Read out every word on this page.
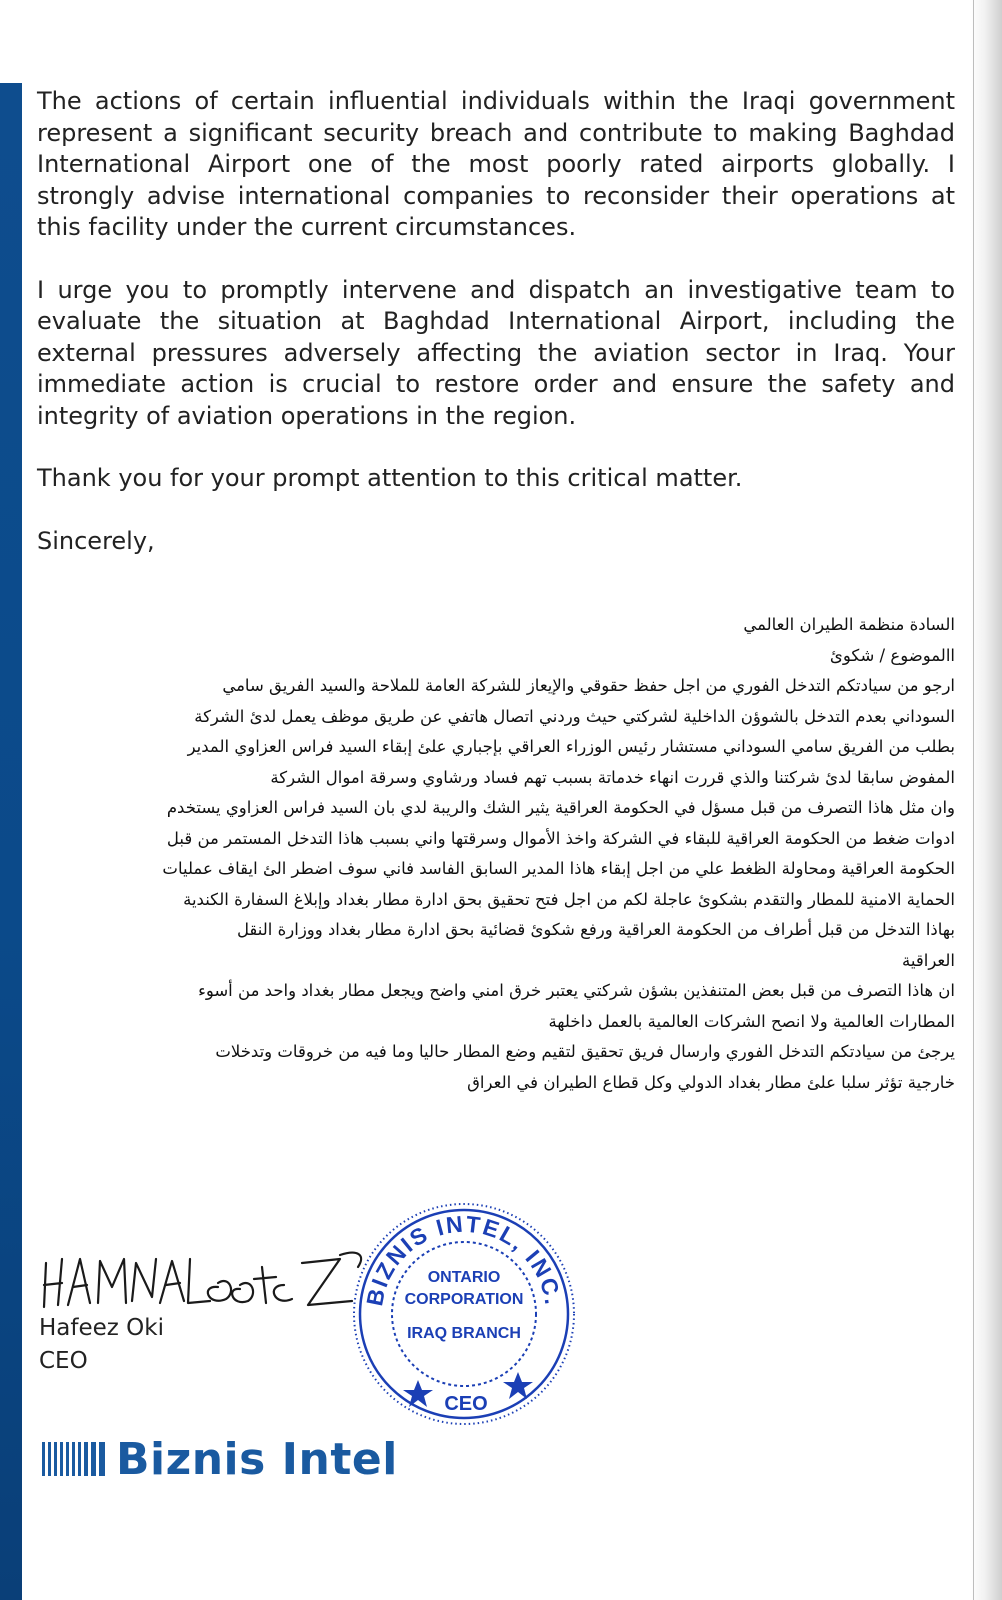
The actions of certain influential individuals within the Iraqi government represent a significant security breach and contribute to making Baghdad International Airport one of the most poorly rated airports globally. I strongly advise international companies to reconsider their operations at this facility under the current circumstances.

I urge you to promptly intervene and dispatch an investigative team to evaluate the situation at Baghdad International Airport, including the external pressures adversely affecting the aviation sector in Iraq. Your immediate action is crucial to restore order and ensure the safety and integrity of aviation operations in the region.

Thank you for your prompt attention to this critical matter.

Sincerely,

السادة منظمة الطيران العالمي
االموضوع / شكوئ
ارجو من سيادتكم التدخل الفوري من اجل حفظ حقوقي والإيعاز للشركة العامة للملاحة والسيد الفريق سامي
السوداني بعدم التدخل بالشوؤن الداخلية لشركتي حيث وردني اتصال هاتفي عن طريق موظف يعمل لدئ الشركة
بطلب من الفريق سامي السوداني مستشار رئيس الوزراء العراقي بإجباري علئ إبقاء السيد فراس العزاوي المدير
المفوض سابقا لدئ شركتنا والذي قررت انهاء خدماتة بسبب تهم فساد ورشاوي وسرقة اموال الشركة
وان مثل هاذا التصرف من قبل مسؤل في الحكومة العراقية يثير الشك والريبة لدي بان السيد فراس العزاوي يستخدم
ادوات ضغط من الحكومة العراقية للبقاء في الشركة واخذ الأموال وسرقتها واني بسبب هاذا التدخل المستمر من قبل
الحكومة العراقية ومحاولة الظغط علي من اجل إبقاء هاذا المدير السابق الفاسد فاني سوف اضطر الئ ايقاف عمليات
الحماية الامنية للمطار والتقدم بشكوئ عاجلة لكم من اجل فتح تحقيق بحق ادارة مطار بغداد وإبلاغ السفارة الكندية
بهاذا التدخل من قبل أطراف من الحكومة العراقية ورفع شكوئ قضائية بحق ادارة مطار بغداد ووزارة النقل
العراقية
ان هاذا التصرف من قبل بعض المتنفذين بشؤن شركتي يعتبر خرق امني واضح ويجعل مطار بغداد واحد من أسوء
المطارات العالمية ولا انصح الشركات العالمية بالعمل داخلهة
يرجئ من سيادتكم التدخل الفوري وارسال فريق تحقيق لتقيم وضع المطار حاليا وما فيه من خروقات وتدخلات
خارجية تؤثر سلبا علئ مطار بغداد الدولي وكل قطاع الطيران في العراق
Hafeez Oki
CEO
BIZNIS INTEL, INC.
ONTARIO
CORPORATION
IRAQ BRANCH
CEO
Biznis Intel
